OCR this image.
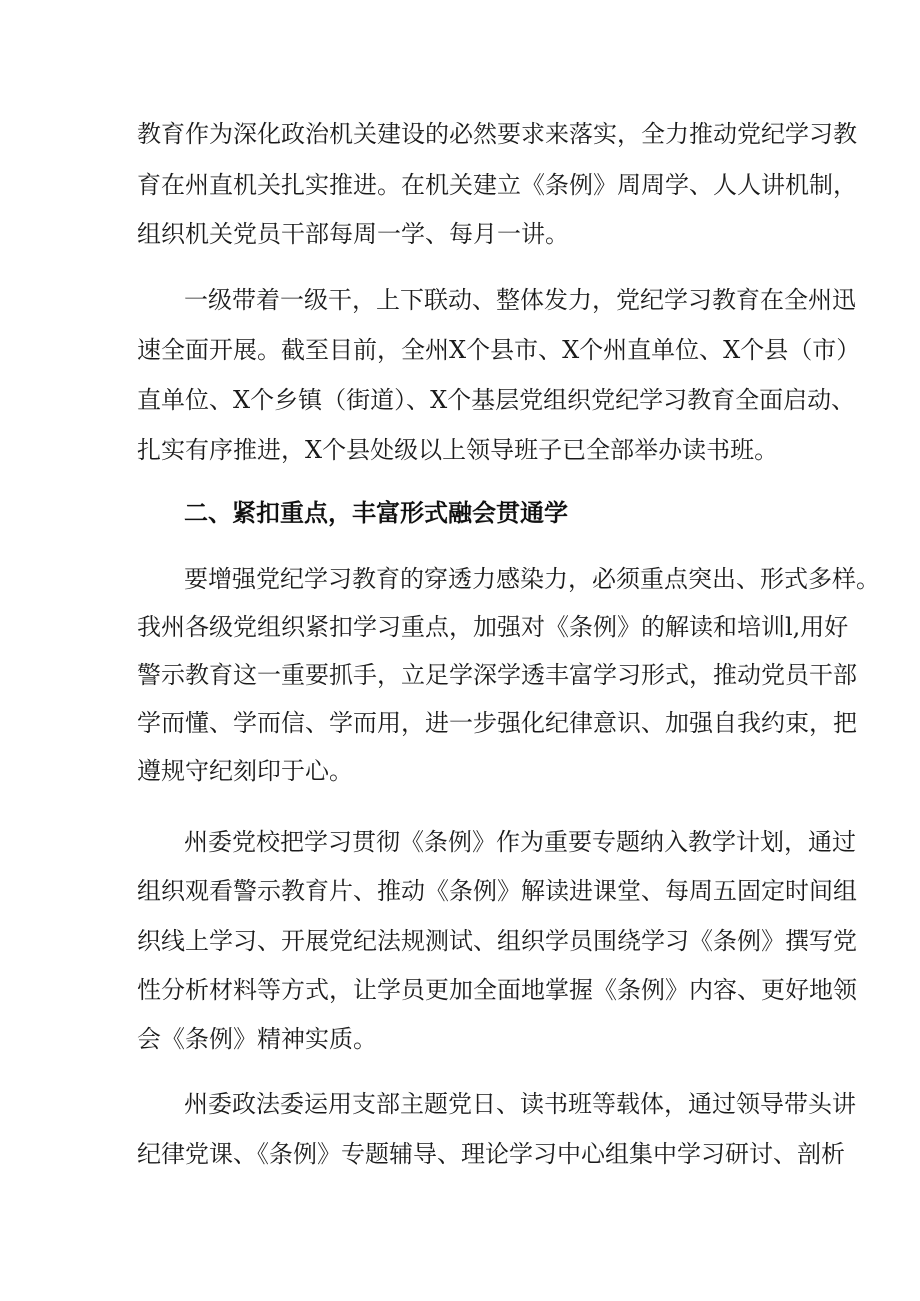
教育作为深化政治机关建设的必然要求来落实，全力推动党纪学习教
育在州直机关扎实推进。在机关建立《条例》周周学、人人讲机制，
组织机关党员干部每周一学、每月一讲。
一级带着一级干，上下联动、整体发力，党纪学习教育在全州迅
速全面开展。截至目前，全州X个县市、X个州直单位、X个县（市）
直单位、X个乡镇（街道）、X个基层党组织党纪学习教育全面启动、
扎实有序推进，X个县处级以上领导班子已全部举办读书班。
二、紧扣重点，丰富形式融会贯通学
要增强党纪学习教育的穿透力感染力，必须重点突出、形式多样。
我州各级党组织紧扣学习重点，加强对《条例》的解读和培训l,用好
警示教育这一重要抓手，立足学深学透丰富学习形式，推动党员干部
学而懂、学而信、学而用，进一步强化纪律意识、加强自我约束，把
遵规守纪刻印于心。
州委党校把学习贯彻《条例》作为重要专题纳入教学计划，通过
组织观看警示教育片、推动《条例》解读进课堂、每周五固定时间组
织线上学习、开展党纪法规测试、组织学员围绕学习《条例》撰写党
性分析材料等方式，让学员更加全面地掌握《条例》内容、更好地领
会《条例》精神实质。
州委政法委运用支部主题党日、读书班等载体，通过领导带头讲
纪律党课、《条例》专题辅导、理论学习中心组集中学习研讨、剖析
